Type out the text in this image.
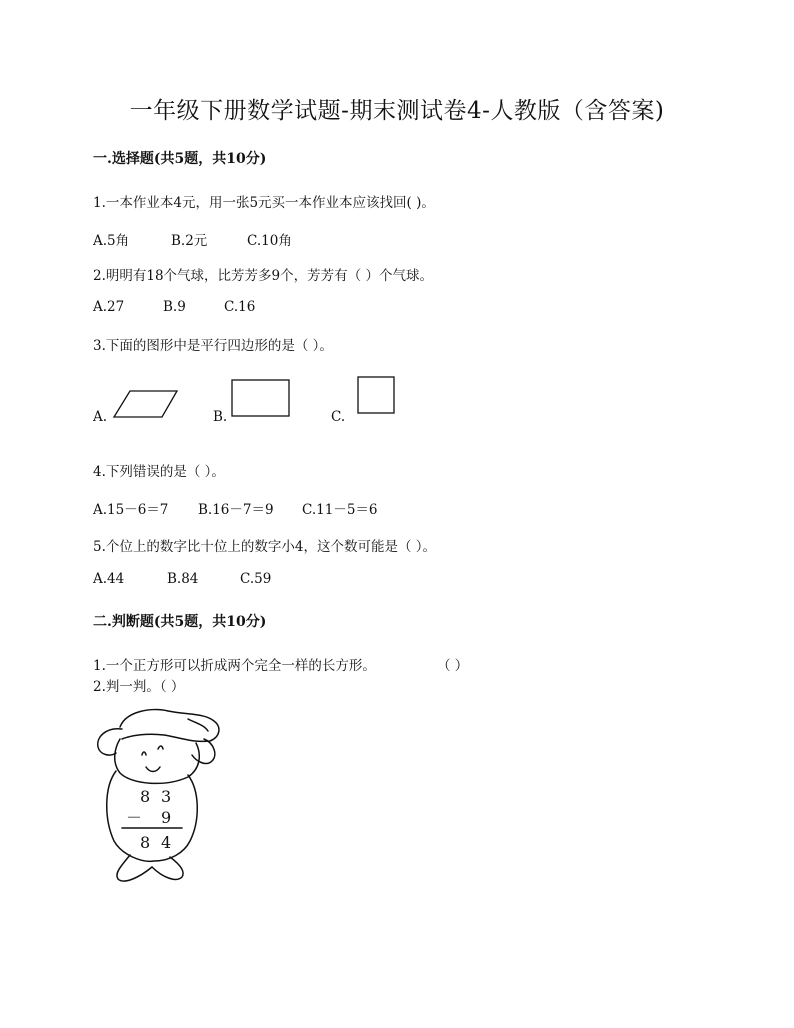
一年级下册数学试题-期末测试卷4-人教版（含答案)
一.选择题(共5题，共10分)
1.一本作业本4元，用一张5元买一本作业本应该找回( )。
A.5角	B.2元	C.10角
2.明明有18个气球，比芳芳多9个，芳芳有（ ）个气球。
A.27	B.9	C.16
3.下面的图形中是平行四边形的是（ ）。
A.	B.	C.
4.下列错误的是（ ）。
A.15－6＝7 B.16－7＝9 C.11－5＝6
5.个位上的数字比十位上的数字小4，这个数可能是（ ）。
A.44	B.84	C.59
二.判断题(共5题，共10分)
1.一个正方形可以折成两个完全一样的长方形。	（ ）
2.判一判。（ ）
8 3
－ 9
8 4
